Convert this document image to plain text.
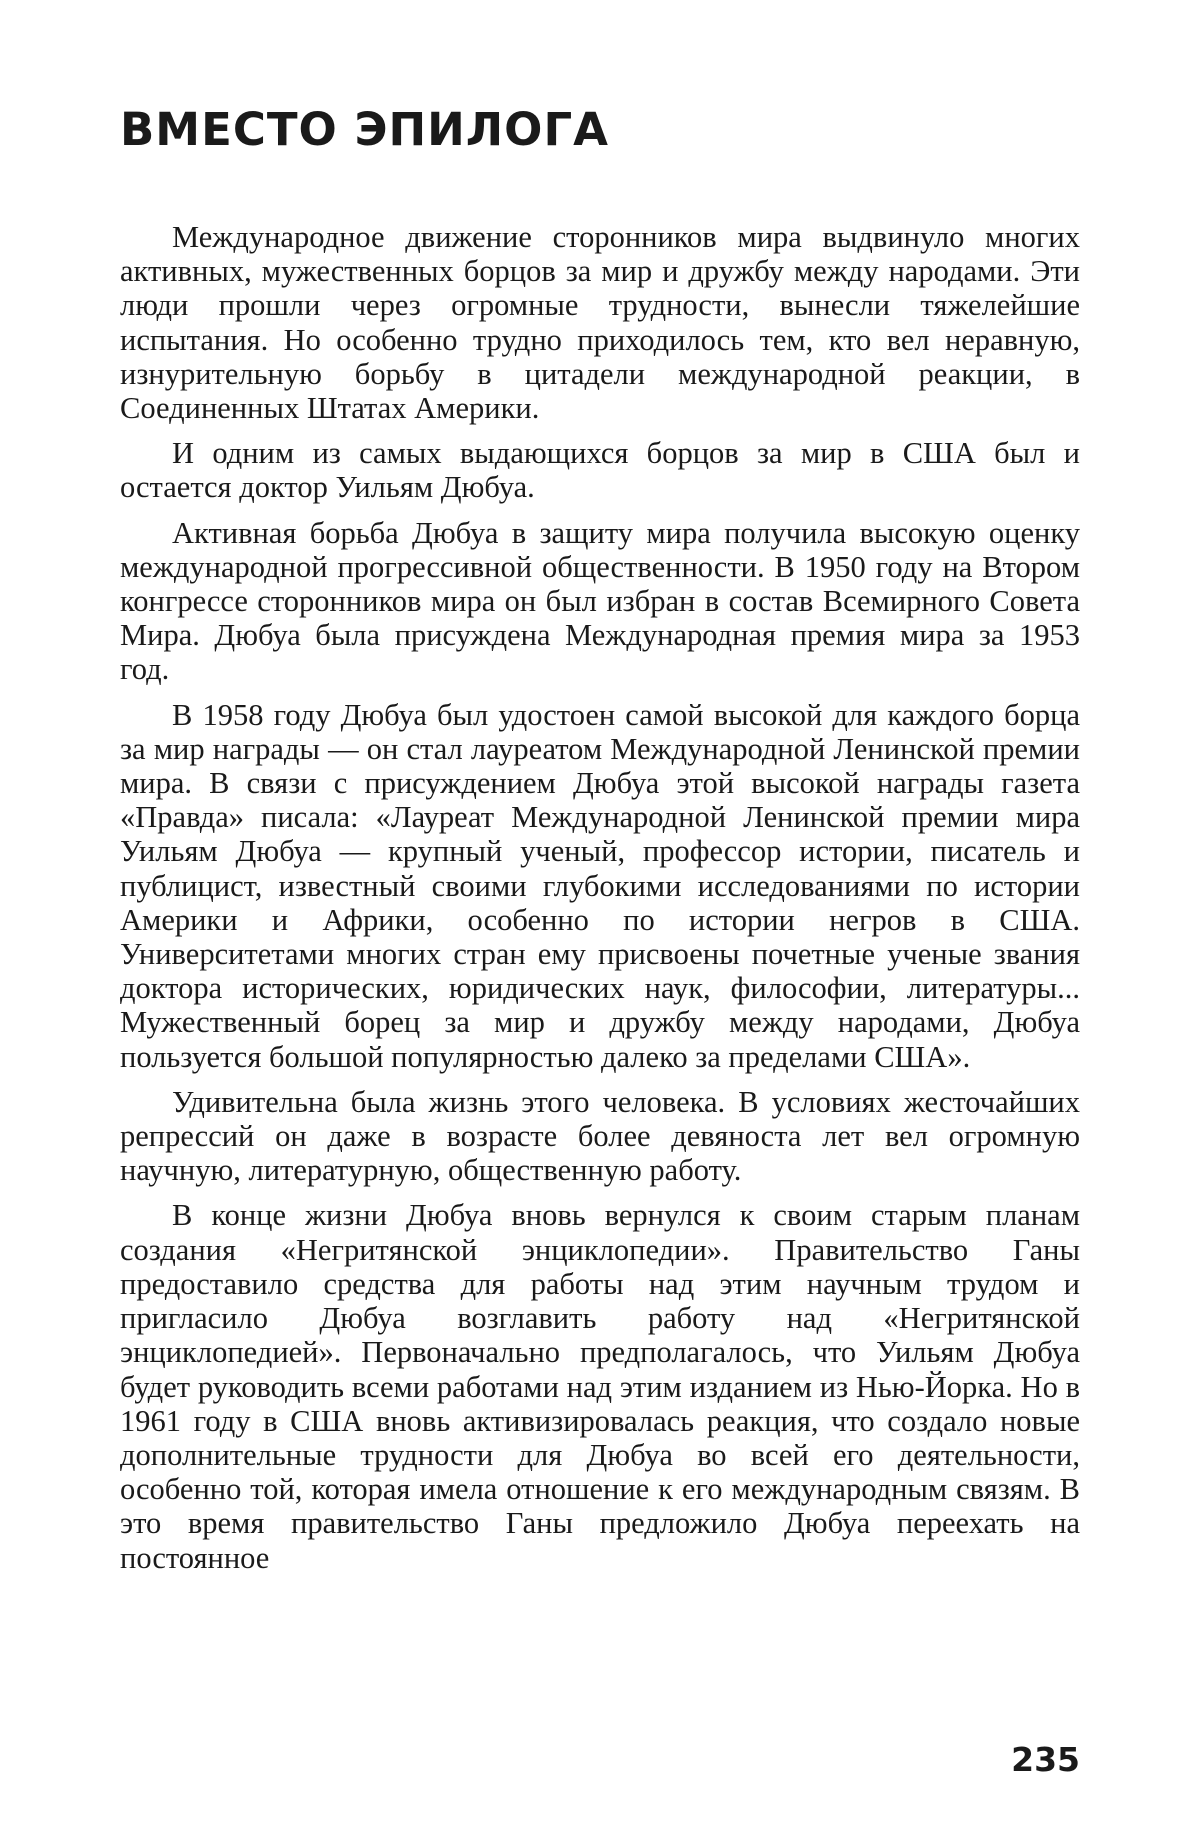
ВМЕСТО ЭПИЛОГА

Международное движение сторонников мира выдвинуло многих активных, мужественных борцов за мир и дружбу между народами. Эти люди прошли через огромные трудности, вынесли тяжелейшие испытания. Но особенно трудно приходилось тем, кто вел неравную, изнурительную борьбу в цитадели международной реакции, в Соединенных Штатах Америки.

И одним из самых выдающихся борцов за мир в США был и остается доктор Уильям Дюбуа.

Активная борьба Дюбуа в защиту мира получила высокую оценку международной прогрессивной общественности. В 1950 году на Втором конгрессе сторонников мира он был избран в состав Всемирного Совета Мира. Дюбуа была присуждена Международная премия мира за 1953 год.

В 1958 году Дюбуа был удостоен самой высокой для каждого борца за мир награды — он стал лауреатом Международной Ленинской премии мира. В связи с присуждением Дюбуа этой высокой награды газета «Правда» писала: «Лауреат Международной Ленинской премии мира Уильям Дюбуа — крупный ученый, профессор истории, писатель и публицист, известный своими глубокими исследованиями по истории Америки и Африки, особенно по истории негров в США. Университетами многих стран ему присвоены почетные ученые звания доктора исторических, юридических наук, философии, литературы... Мужественный борец за мир и дружбу между народами, Дюбуа пользуется большой популярностью далеко за пределами США».

Удивительна была жизнь этого человека. В условиях жесточайших репрессий он даже в возрасте более девяноста лет вел огромную научную, литературную, общественную работу.

В конце жизни Дюбуа вновь вернулся к своим старым планам создания «Негритянской энциклопедии». Правительство Ганы предоставило средства для работы над этим научным трудом и пригласило Дюбуа возглавить работу над «Негритянской энциклопедией». Первоначально предполагалось, что Уильям Дюбуа будет руководить всеми работами над этим изданием из Нью-Йорка. Но в 1961 году в США вновь активизировалась реакция, что создало новые дополнительные трудности для Дюбуа во всей его деятельности, особенно той, которая имела отношение к его международным связям. В это время правительство Ганы предложило Дюбуа переехать на постоянное

235
